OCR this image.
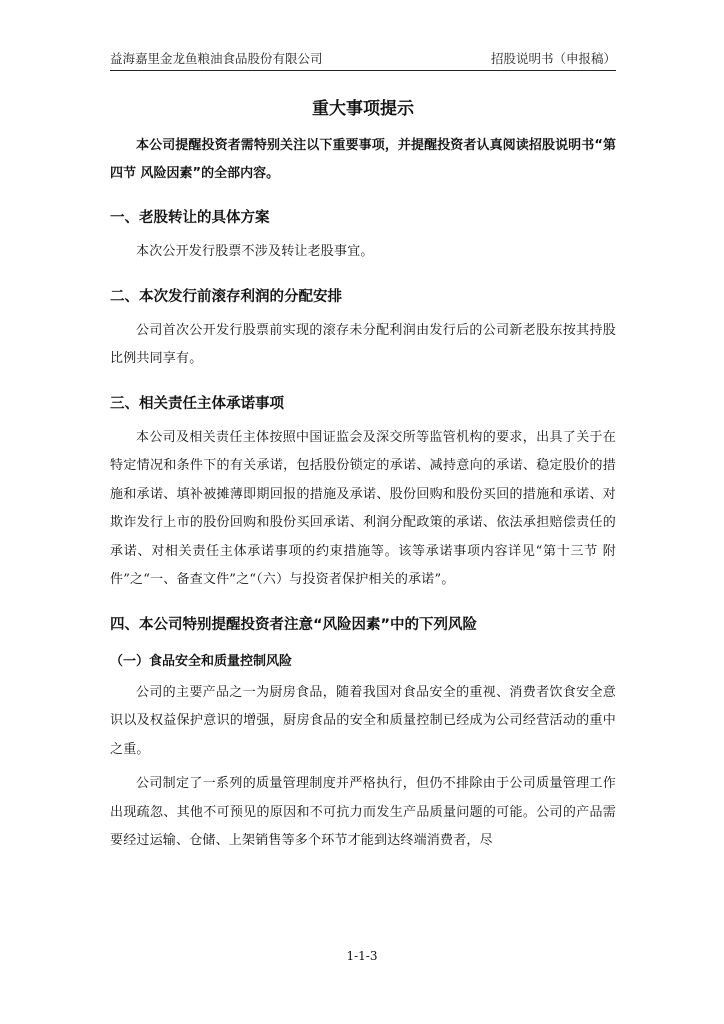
益海嘉里金龙鱼粮油食品股份有限公司	招股说明书（申报稿）
重大事项提示

本公司提醒投资者需特别关注以下重要事项，并提醒投资者认真阅读招股说明书“第四节 风险因素”的全部内容。

一、老股转让的具体方案

本次公开发行股票不涉及转让老股事宜。

二、本次发行前滚存利润的分配安排

公司首次公开发行股票前实现的滚存未分配利润由发行后的公司新老股东按其持股比例共同享有。

三、相关责任主体承诺事项

本公司及相关责任主体按照中国证监会及深交所等监管机构的要求，出具了关于在特定情况和条件下的有关承诺，包括股份锁定的承诺、减持意向的承诺、稳定股价的措施和承诺、填补被摊薄即期回报的措施及承诺、股份回购和股份买回的措施和承诺、对欺诈发行上市的股份回购和股份买回承诺、利润分配政策的承诺、依法承担赔偿责任的承诺、对相关责任主体承诺事项的约束措施等。该等承诺事项内容详见“第十三节 附件”之“一、备查文件”之“（六）与投资者保护相关的承诺”。

四、本公司特别提醒投资者注意“风险因素”中的下列风险
（一）食品安全和质量控制风险

公司的主要产品之一为厨房食品，随着我国对食品安全的重视、消费者饮食安全意识以及权益保护意识的增强，厨房食品的安全和质量控制已经成为公司经营活动的重中之重。

公司制定了一系列的质量管理制度并严格执行，但仍不排除由于公司质量管理工作出现疏忽、其他不可预见的原因和不可抗力而发生产品质量问题的可能。公司的产品需要经过运输、仓储、上架销售等多个环节才能到达终端消费者，尽

1-1-3
